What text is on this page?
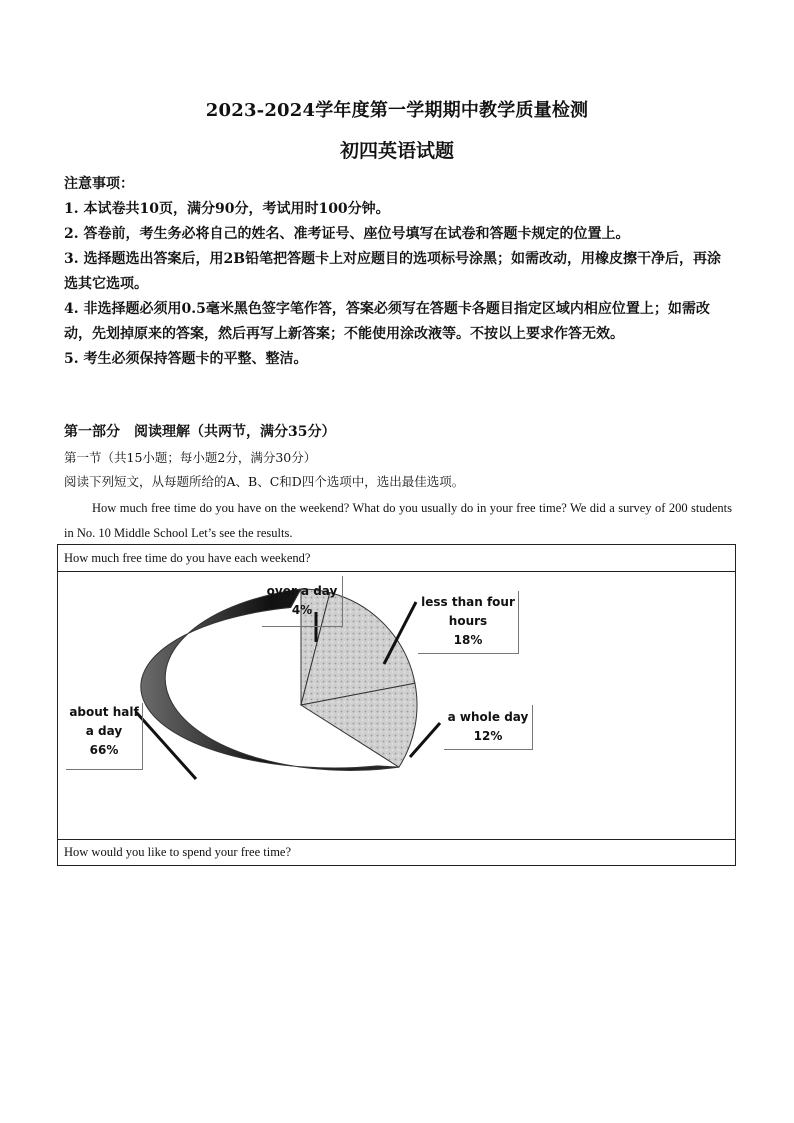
2023-2024学年度第一学期期中教学质量检测
初四英语试题
注意事项：
1. 本试卷共10页，满分90分，考试用时100分钟。
2. 答卷前，考生务必将自己的姓名、准考证号、座位号填写在试卷和答题卡规定的位置上。
3. 选择题选出答案后，用2B铅笔把答题卡上对应题目的选项标号涂黑；如需改动，用橡皮擦干净后，再涂选其它选项。
4. 非选择题必须用0.5毫米黑色签字笔作答，答案必须写在答题卡各题目指定区域内相应位置上；如需改动，先划掉原来的答案，然后再写上新答案；不能使用涂改液等。不按以上要求作答无效。
5. 考生必须保持答题卡的平整、整洁。
第一部分　阅读理解（共两节，满分35分）
第一节（共15小题；每小题2分，满分30分）
阅读下列短文，从每题所给的A、B、C和D四个选项中，选出最佳选项。
How much free time do you have on the weekend? What do you usually do in your free time? We did a survey of 200 students in No. 10 Middle School Let’s see the results.
How much free time do you have each weekend?
over a day
4%
less than four
hours
18%
a whole day
12%
about half
a day
66%
How would you like to spend your free time?
